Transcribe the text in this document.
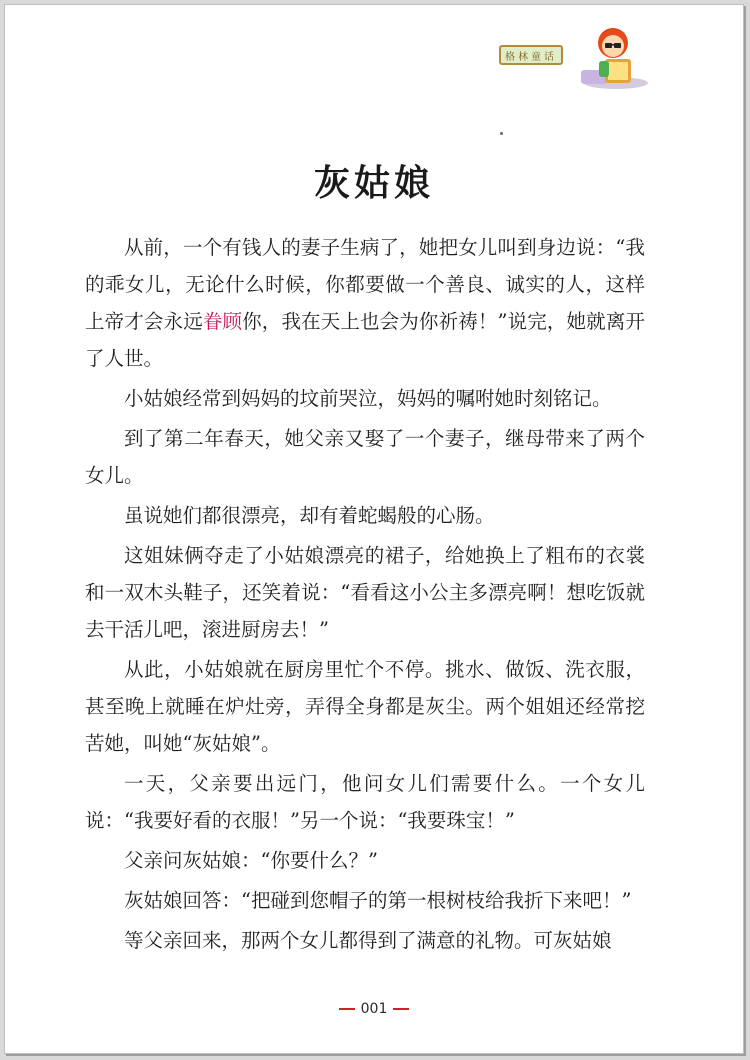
格林童话
灰姑娘

从前，一个有钱人的妻子生病了，她把女儿叫到身边说：“我的乖女儿，无论什么时候，你都要做一个善良、诚实的人，这样上帝才会永远眷顾你，我在天上也会为你祈祷！”说完，她就离开了人世。

小姑娘经常到妈妈的坟前哭泣，妈妈的嘱咐她时刻铭记。

到了第二年春天，她父亲又娶了一个妻子，继母带来了两个女儿。

虽说她们都很漂亮，却有着蛇蝎般的心肠。

这姐妹俩夺走了小姑娘漂亮的裙子，给她换上了粗布的衣裳和一双木头鞋子，还笑着说：“看看这小公主多漂亮啊！想吃饭就去干活儿吧，滚进厨房去！”

从此，小姑娘就在厨房里忙个不停。挑水、做饭、洗衣服，甚至晚上就睡在炉灶旁，弄得全身都是灰尘。两个姐姐还经常挖苦她，叫她“灰姑娘”。

一天，父亲要出远门，他问女儿们需要什么。一个女儿说：“我要好看的衣服！”另一个说：“我要珠宝！”

父亲问灰姑娘：“你要什么？”

灰姑娘回答：“把碰到您帽子的第一根树枝给我折下来吧！”

等父亲回来，那两个女儿都得到了满意的礼物。可灰姑娘

001
